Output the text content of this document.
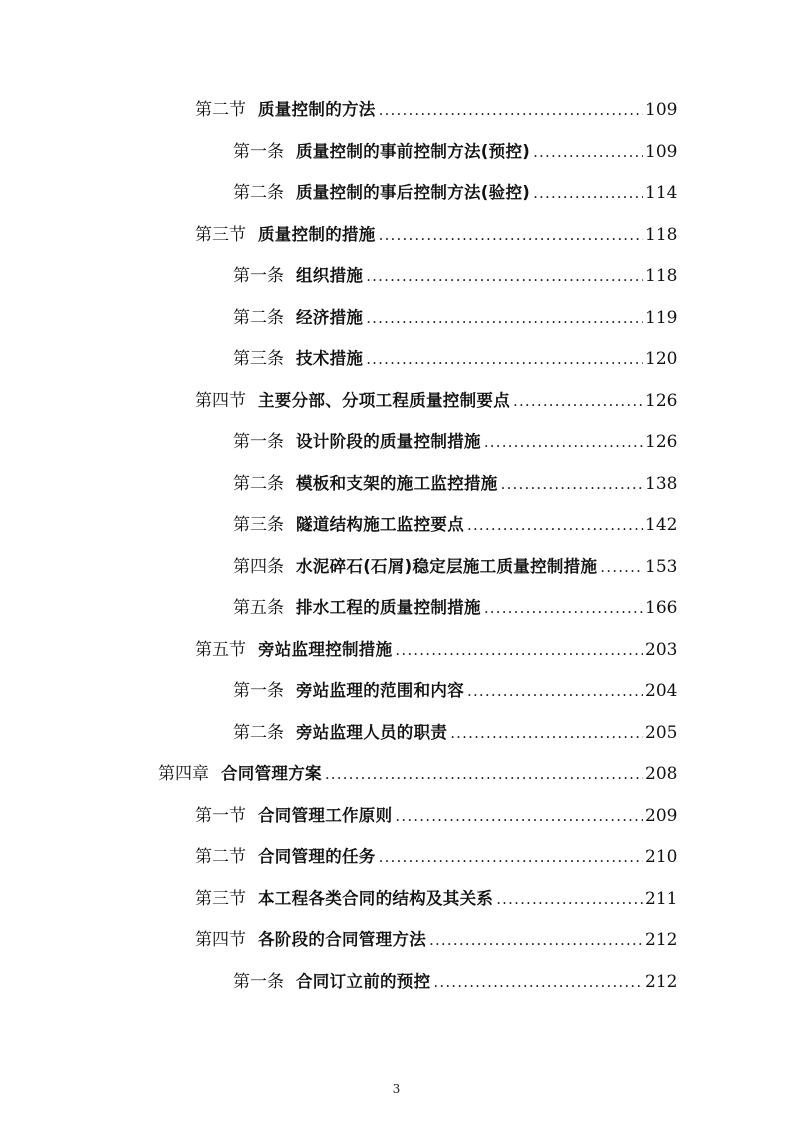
第二节 质量控制的方法 .....	109
第一条 质量控制的事前控制方法(预控) .....	109
第二条 质量控制的事后控制方法(验控) .....	114
第三节 质量控制的措施 .....	118
第一条 组织措施 .....	118
第二条 经济措施 .....	119
第三条 技术措施 .....	120
第四节 主要分部、分项工程质量控制要点 .....	126
第一条 设计阶段的质量控制措施 .....	126
第二条 模板和支架的施工监控措施 .....	138
第三条 隧道结构施工监控要点 .....	142
第四条 水泥碎石(石屑)稳定层施工质量控制措施 .....	153
第五条 排水工程的质量控制措施 .....	166
第五节 旁站监理控制措施 .....	203
第一条 旁站监理的范围和内容 .....	204
第二条 旁站监理人员的职责 .....	205
第四章 合同管理方案 .....	208
第一节 合同管理工作原则 .....	209
第二节 合同管理的任务 .....	210
第三节 本工程各类合同的结构及其关系 .....	211
第四节 各阶段的合同管理方法 .....	212
第一条 合同订立前的预控 .....	212
3
